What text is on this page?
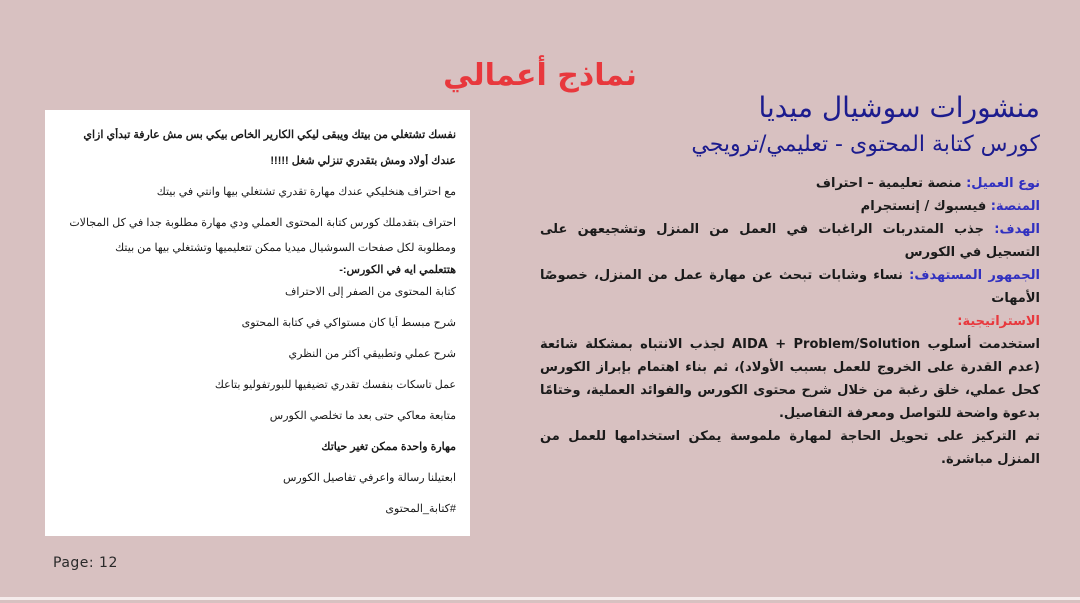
نماذج أعمالي

نفسك تشتغلي من بيتك ويبقى ليكي الكارير الخاص بيكي بس مش عارفة تبدأي ازاي

عندك أولاد ومش بتقدري تنزلي شغل !!!!!

مع احتراف هنخليكي عندك مهارة تقدري تشتغلي بيها وانتي في بيتك

احتراف بتقدملك كورس كتابة المحتوى العملي ودي مهارة مطلوبة جدا في كل المجالات

ومطلوبة لكل صفحات السوشيال ميديا ممكن تتعليميها وتشتغلي بيها من بيتك

هتتعلمي ايه في الكورس:-

كتابة المحتوى من الصفر إلى الاحتراف

شرح مبسط أيا كان مستواكي في كتابة المحتوى

شرح عملي وتطبيقي أكثر من النظري

عمل تاسكات بنفسك تقدري تضيفيها للبورتفوليو بتاعك

متابعة معاكي حتى بعد ما تخلصي الكورس

مهارة واحدة ممكن تغير حياتك

ابعتيلنا رسالة واعرفي تفاصيل الكورس

#كتابة_المحتوى

منشورات سوشيال ميديا
كورس كتابة المحتوى - تعليمي/ترويجي

نوع العميل: منصة تعليمية – احتراف

المنصة: فيسبوك / إنستجرام

الهدف: جذب المتدربات الراغبات في العمل من المنزل وتشجيعهن على التسجيل في الكورس

الجمهور المستهدف: نساء وشابات تبحث عن مهارة عمل من المنزل، خصوصًا الأمهات

الاستراتيجية:

استخدمت أسلوب AIDA + Problem/Solution لجذب الانتباه بمشكلة شائعة (عدم القدرة على الخروج للعمل بسبب الأولاد)، ثم بناء اهتمام بإبراز الكورس كحل عملي، خلق رغبة من خلال شرح محتوى الكورس والفوائد العملية، وختامًا بدعوة واضحة للتواصل ومعرفة التفاصيل.

تم التركيز على تحويل الحاجة لمهارة ملموسة يمكن استخدامها للعمل من المنزل مباشرة.

Page: 12
